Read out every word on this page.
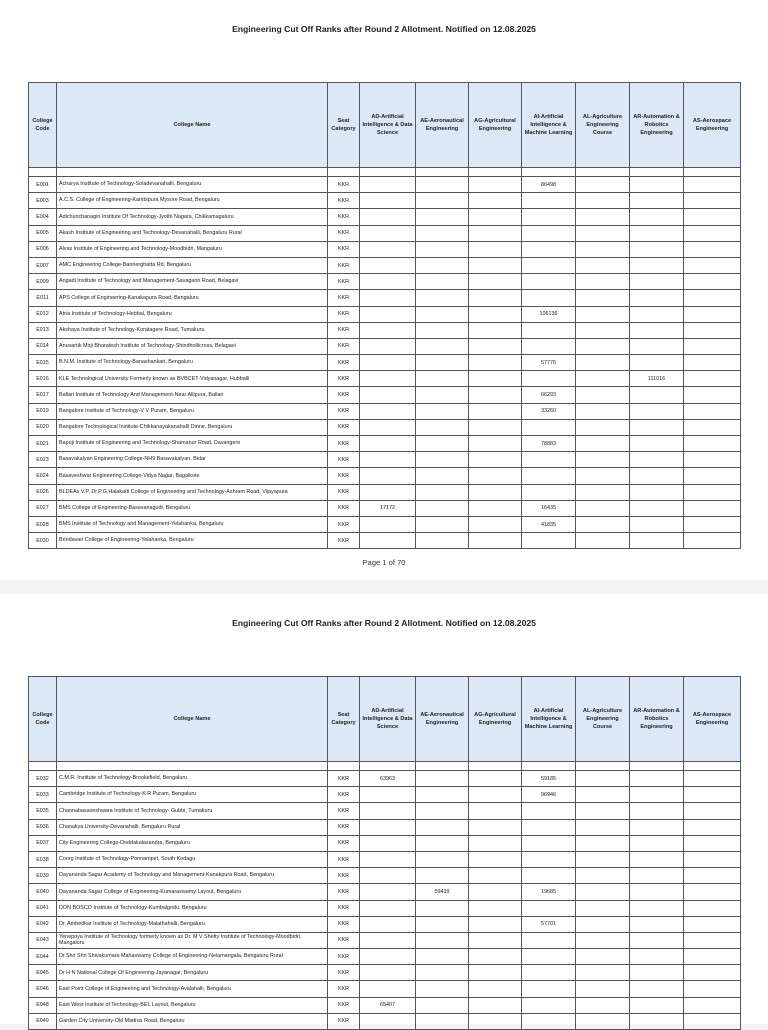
Engineering Cut Off Ranks after Round 2 Allotment. Notified on 12.08.2025
College Code	College Name	Seat Category	AD-Artificial Intelligence & Data Science	AE-Aeronautical Engineering	AG-Agricultural Engineering	AI-Artificial Intelligence & Machine Learning	AL-Agriculture Engineering Course	AR-Automation & Robotics Engineering	AS-Aerospace Engineering

E001	Acharya Institute of Technology-Soladevanahalli, Bengaluru	KKR				86498			
E003	A.C.S. College of Engineering-Kambipura Mysore Road, Bengaluru	KKR							
E004	Adichunchanagiri Institute Of Technology-Jyothi Nagara, Chikkamagaluru	KKR							
E005	Akash Institute of Engineering and Technology-Devanahalli, Bengaluru Rural	KKR							
E006	Alvas Institute of Engineering and Technology-Moodbidri, Mangaluru	KKR							
E007	AMC Engineering College-Bannerghatta Rd, Bengaluru	KKR							
E009	Angadi Institute of Technology and Management-Savagaon Road, Belagavi	KKR							
E011	APS College of Engineering-Kanakapura Road, Bengaluru	KKR							
E012	Atria Institute of Technology-Hebbal, Bengaluru	KKR				106136			
E013	Akshaya Institute of Technology-Koratagere Road, Tumakuru	KKR							
E014	Anuvartik Mirji Bharatesh Institute of Technology-Shindhollicross, Belagavi	KKR							
E015	B.N.M. Institute of Technology-Banashankari, Bengaluru	KKR				57776			
E016	KLE Technological University Formerly known as BVBCET-Vidyanagar, Hubballi	KKR						111016	
E017	Ballari Institute of Technology And Management-Near Allipura, Ballari	KKR				66293			
E019	Bangalore Institute of Technology-V V Puram, Bengaluru	KKR				33260			
E020	Bangalore Technological Institute-Chikkanayakanahalli Dinne, Bengaluru	KKR							
E021	Bapuji Institute of Engineering and Technology-Shamanur Road, Davangere	KKR				78883			
E023	Basavakalyan Engineering College-NH9 Basavakalyan, Bidar	KKR							
E024	Basaveshwar Engineering College-Vidya Nagar, Bagalkote	KKR							
E026	BLDEAs V.P. Dr.P.G.Halakatti College of Engineering and Technology-Ashram Road, Vijayapura	KKR							
E027	BMS College of Engineering-Basavanagudi, Bengaluru	KKR	17172			16435			
E028	BMS Institute of Technology and Management-Yelahanka, Bengaluru	KKR				41835			
E030	Brindavan College of Engineering-Yelahanka, Bengaluru	KKR							
Page 1 of 70
Engineering Cut Off Ranks after Round 2 Allotment. Notified on 12.08.2025
College Code	College Name	Seat Category	AD-Artificial Intelligence & Data Science	AE-Aeronautical Engineering	AG-Agricultural Engineering	AI-Artificial Intelligence & Machine Learning	AL-Agriculture Engineering Course	AR-Automation & Robotics Engineering	AS-Aerospace Engineering

E032	C.M.R. Institute of Technology-Brookefield, Bengaluru	KKR	63963			59185			
E033	Cambridge Institute of Technology-K R Puram, Bengaluru	KKR				96946			
E035	Channabasaveshwara Institute of Technology- Gubbi, Tumakuru	KKR							
E036	Chanakya University-Devanahalli, Bengaluru Rural	KKR							
E037	City Engineering College-Doddakalasandra, Bengaluru	KKR							
E038	Coorg Institute of Technology-Ponnampet, South Kodagu	KKR							
E039	Dayananda Sagar Academy of Technology and Management-Kanakpura Road, Bengaluru	KKR							
E040	Dayananda Sagar College of Engineering-Kumaraswamy Layout, Bengaluru	KKR		59439		19685			
E041	DON BOSCO Institute of Technology-Kumbalgodu, Bengaluru	KKR							
E042	Dr. Ambedkar Institute of Technology-Malathahalli, Bengaluru	KKR				57701			
E043	Yenepoya Institute of Technology formerly known as Dr. M V Shetty Institute of Technology-Moodbidri, Mangaluru	KKR							
E044	Dr.Shri Shri Shivakumara Mahaswamy College of Engineering-Nelamangala, Bengaluru Rural	KKR							
E045	Dr H N National College Of Engineering-Jayanagar, Bengaluru	KKR							
E046	East Point College of Engineering and Technology-Avalahalli, Bengaluru	KKR							
E048	East West Institute of Technology-BEL Layout, Bengaluru	KKR	65407						
E049	Garden City University-Old Madras Road, Bengaluru	KKR							
